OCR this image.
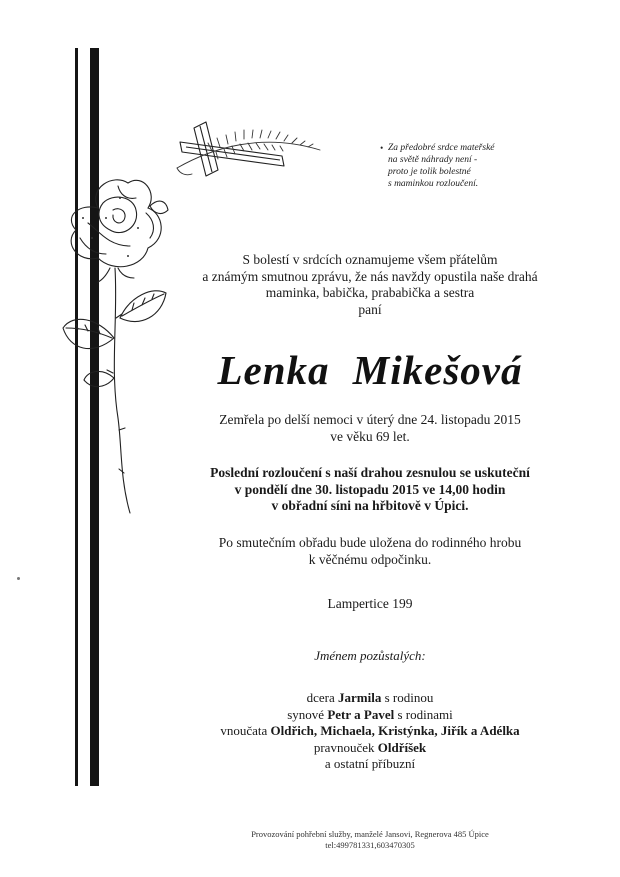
• Za předobré srdce mateřské
na světě náhrady není -
proto je tolik bolestné
s maminkou rozloučení.
S bolestí v srdcích oznamujeme všem přátelům
a známým smutnou zprávu, že nás navždy opustila naše drahá
maminka, babička, prababička a sestra
paní
Lenka Mikešová
Zemřela po delší nemoci v úterý dne 24. listopadu 2015
ve věku 69 let.
Poslední rozloučení s naší drahou zesnulou se uskuteční
v pondělí dne 30. listopadu 2015 ve 14,00 hodin
v obřadní síni na hřbitově v Úpici.
Po smutečním obřadu bude uložena do rodinného hrobu
k věčnému odpočinku.
Lampertice 199
Jménem pozůstalých:
dcera Jarmila s rodinou
synové Petr a Pavel s rodinami
vnoučata Oldřich, Michaela, Kristýnka, Jiřík a Adélka
pravnouček Oldříšek
a ostatní příbuzní
Provozování pohřební služby, manželé Jansovi, Regnerova 485 Úpice
tel:499781331,603470305
